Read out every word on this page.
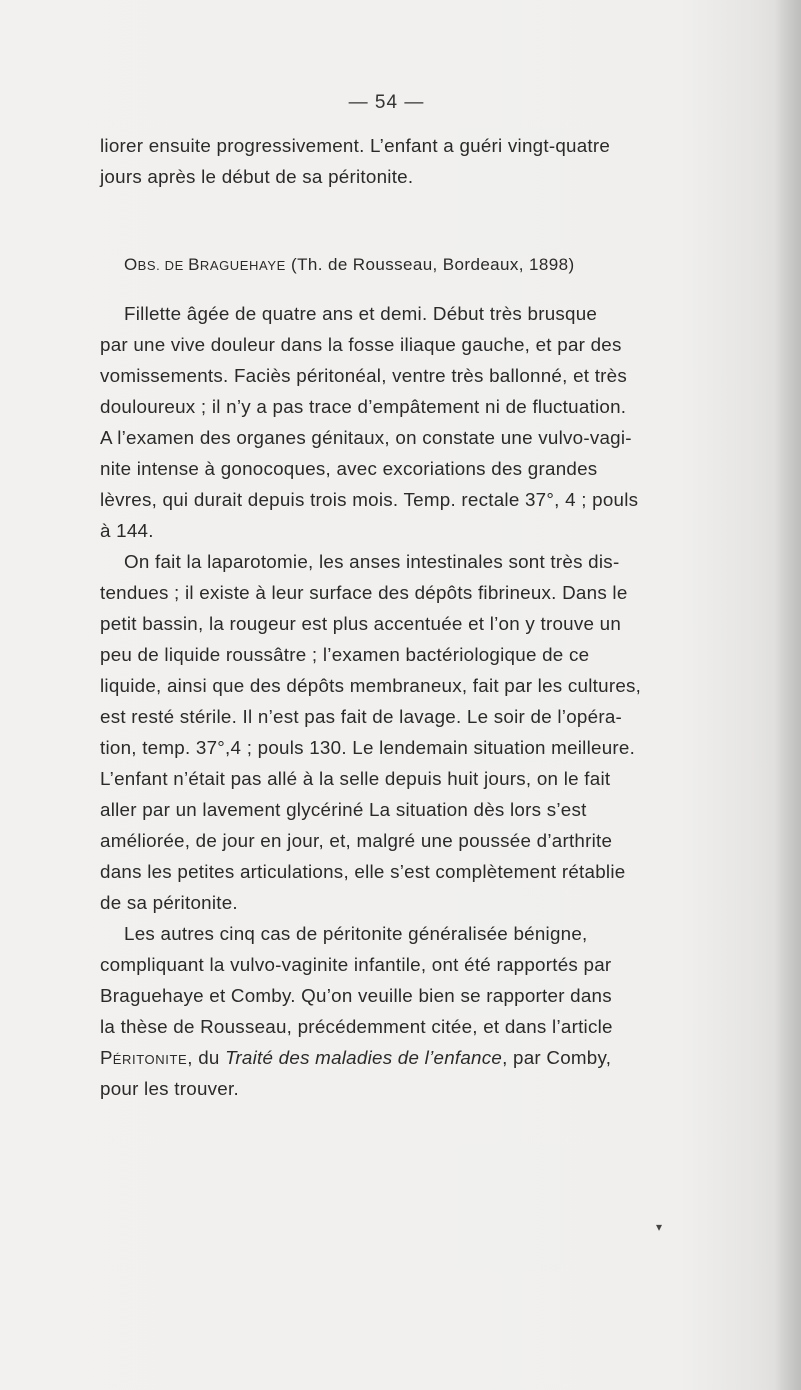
— 54 —
liorer ensuite progressivement. L’enfant a guéri vingt-quatre
jours après le début de sa péritonite.
OBS. DE BRAGUEHAYE (Th. de Rousseau, Bordeaux, 1898)
Fillette âgée de quatre ans et demi. Début très brusque
par une vive douleur dans la fosse iliaque gauche, et par des
vomissements. Faciès péritonéal, ventre très ballonné, et très
douloureux ; il n’y a pas trace d’empâtement ni de fluctuation.
A l’examen des organes génitaux, on constate une vulvo-vagi-
nite intense à gonocoques, avec excoriations des grandes
lèvres, qui durait depuis trois mois. Temp. rectale 37°, 4 ; pouls
à 144.
On fait la laparotomie, les anses intestinales sont très dis-
tendues ; il existe à leur surface des dépôts fibrineux. Dans le
petit bassin, la rougeur est plus accentuée et l’on y trouve un
peu de liquide roussâtre ; l’examen bactériologique de ce
liquide, ainsi que des dépôts membraneux, fait par les cultures,
est resté stérile. Il n’est pas fait de lavage. Le soir de l’opéra-
tion, temp. 37°,4 ; pouls 130. Le lendemain situation meilleure.
L’enfant n’était pas allé à la selle depuis huit jours, on le fait
aller par un lavement glycériné La situation dès lors s’est
améliorée, de jour en jour, et, malgré une poussée d’arthrite
dans les petites articulations, elle s’est complètement rétablie
de sa péritonite.
Les autres cinq cas de péritonite généralisée bénigne,
compliquant la vulvo-vaginite infantile, ont été rapportés par
Braguehaye et Comby. Qu’on veuille bien se rapporter dans
la thèse de Rousseau, précédemment citée, et dans l’article
PÉRITONITE, du Traité des maladies de l’enfance, par Comby,
pour les trouver.
▾
